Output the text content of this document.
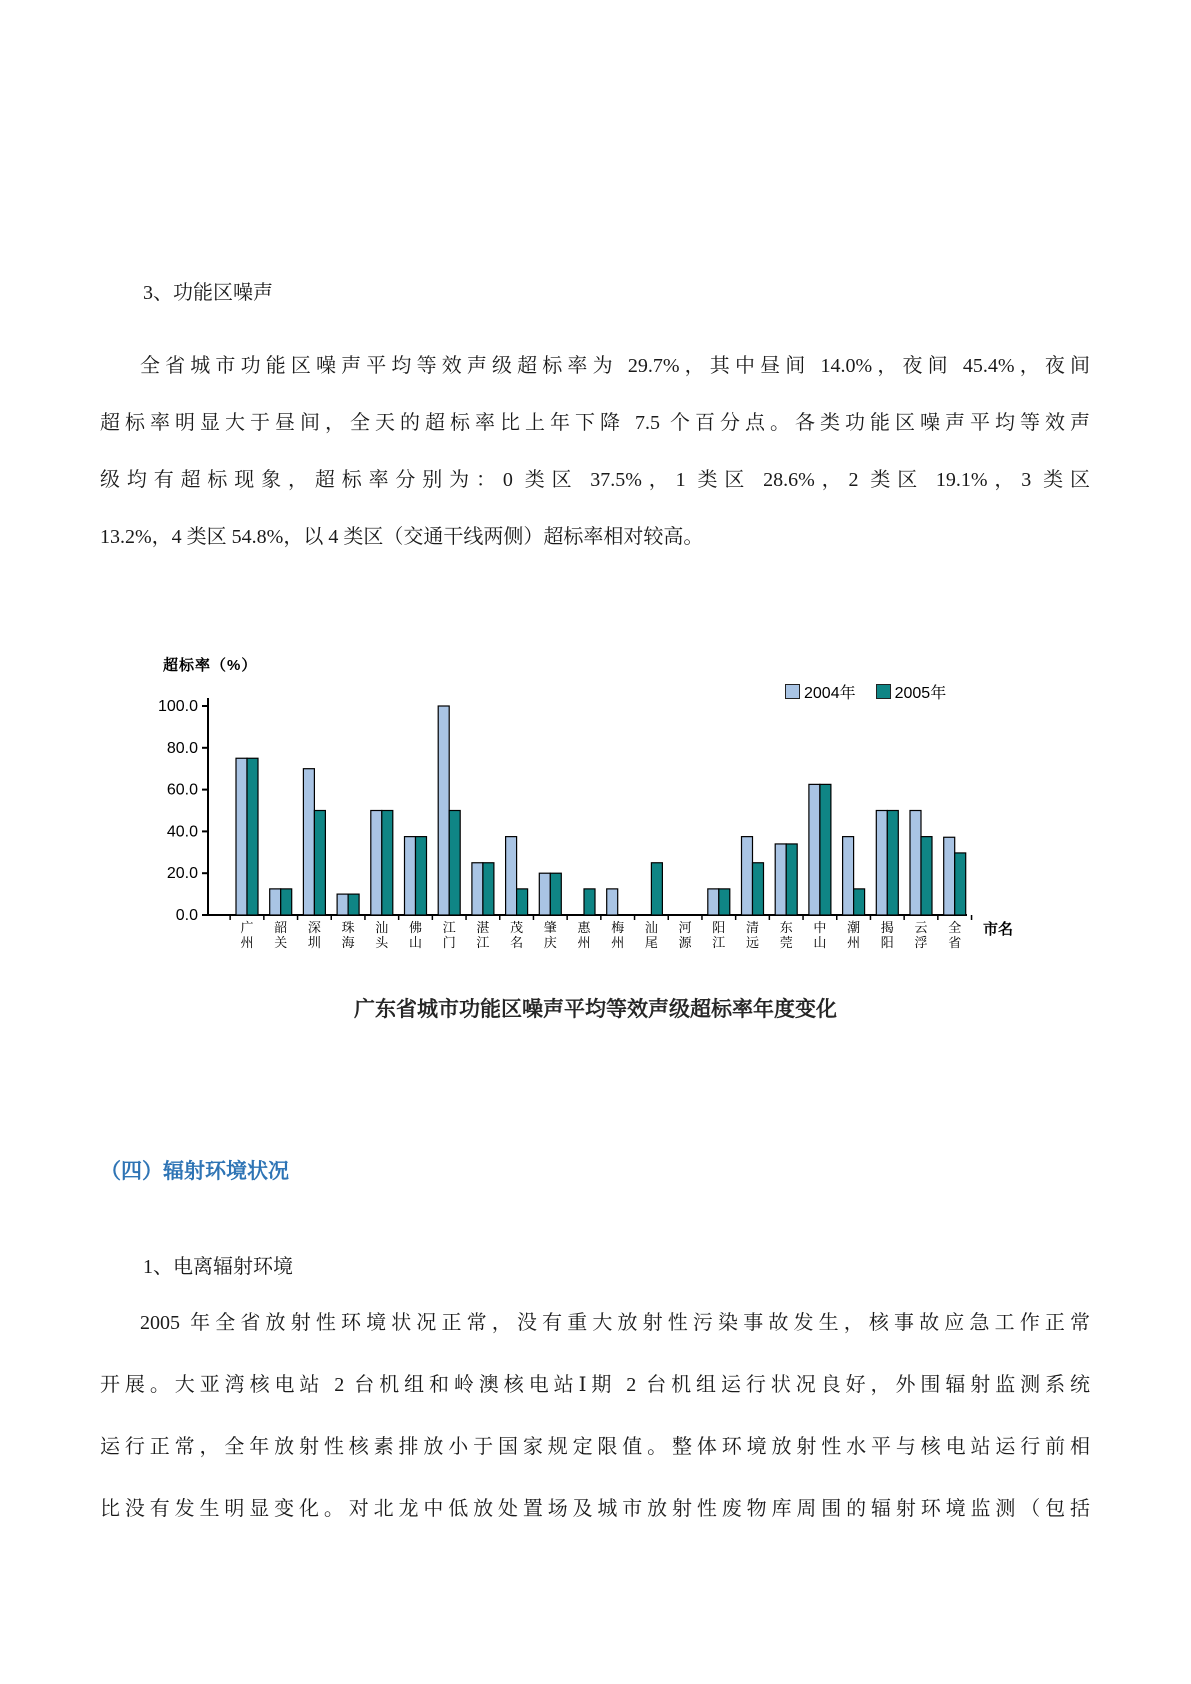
3、功能区噪声
全省城市功能区噪声平均等效声级超标率为 29.7%，其中昼间 14.0%，夜间 45.4%，夜间
超标率明显大于昼间，全天的超标率比上年下降 7.5 个百分点。各类功能区噪声平均等效声
级均有超标现象，超标率分别为：0 类区 37.5%，1 类区 28.6%，2 类区 19.1%，3 类区
13.2%，4 类区 54.8%，以 4 类区（交通干线两侧）超标率相对较高。
超标率（%）
2004年 2005年
0.0
20.0
40.0
60.0
80.0
100.0
广州
韶关
深圳
珠海
汕头
佛山
江门
湛江
茂名
肇庆
惠州
梅州
汕尾
河源
阳江
清远
东莞
中山
潮州
揭阳
云浮
全省
市名
广东省城市功能区噪声平均等效声级超标率年度变化
（四）辐射环境状况
1、电离辐射环境
2005 年全省放射性环境状况正常，没有重大放射性污染事故发生，核事故应急工作正常
开展。大亚湾核电站 2 台机组和岭澳核电站Ⅰ期 2 台机组运行状况良好，外围辐射监测系统
运行正常，全年放射性核素排放小于国家规定限值。整体环境放射性水平与核电站运行前相
比没有发生明显变化。对北龙中低放处置场及城市放射性废物库周围的辐射环境监测（包括
